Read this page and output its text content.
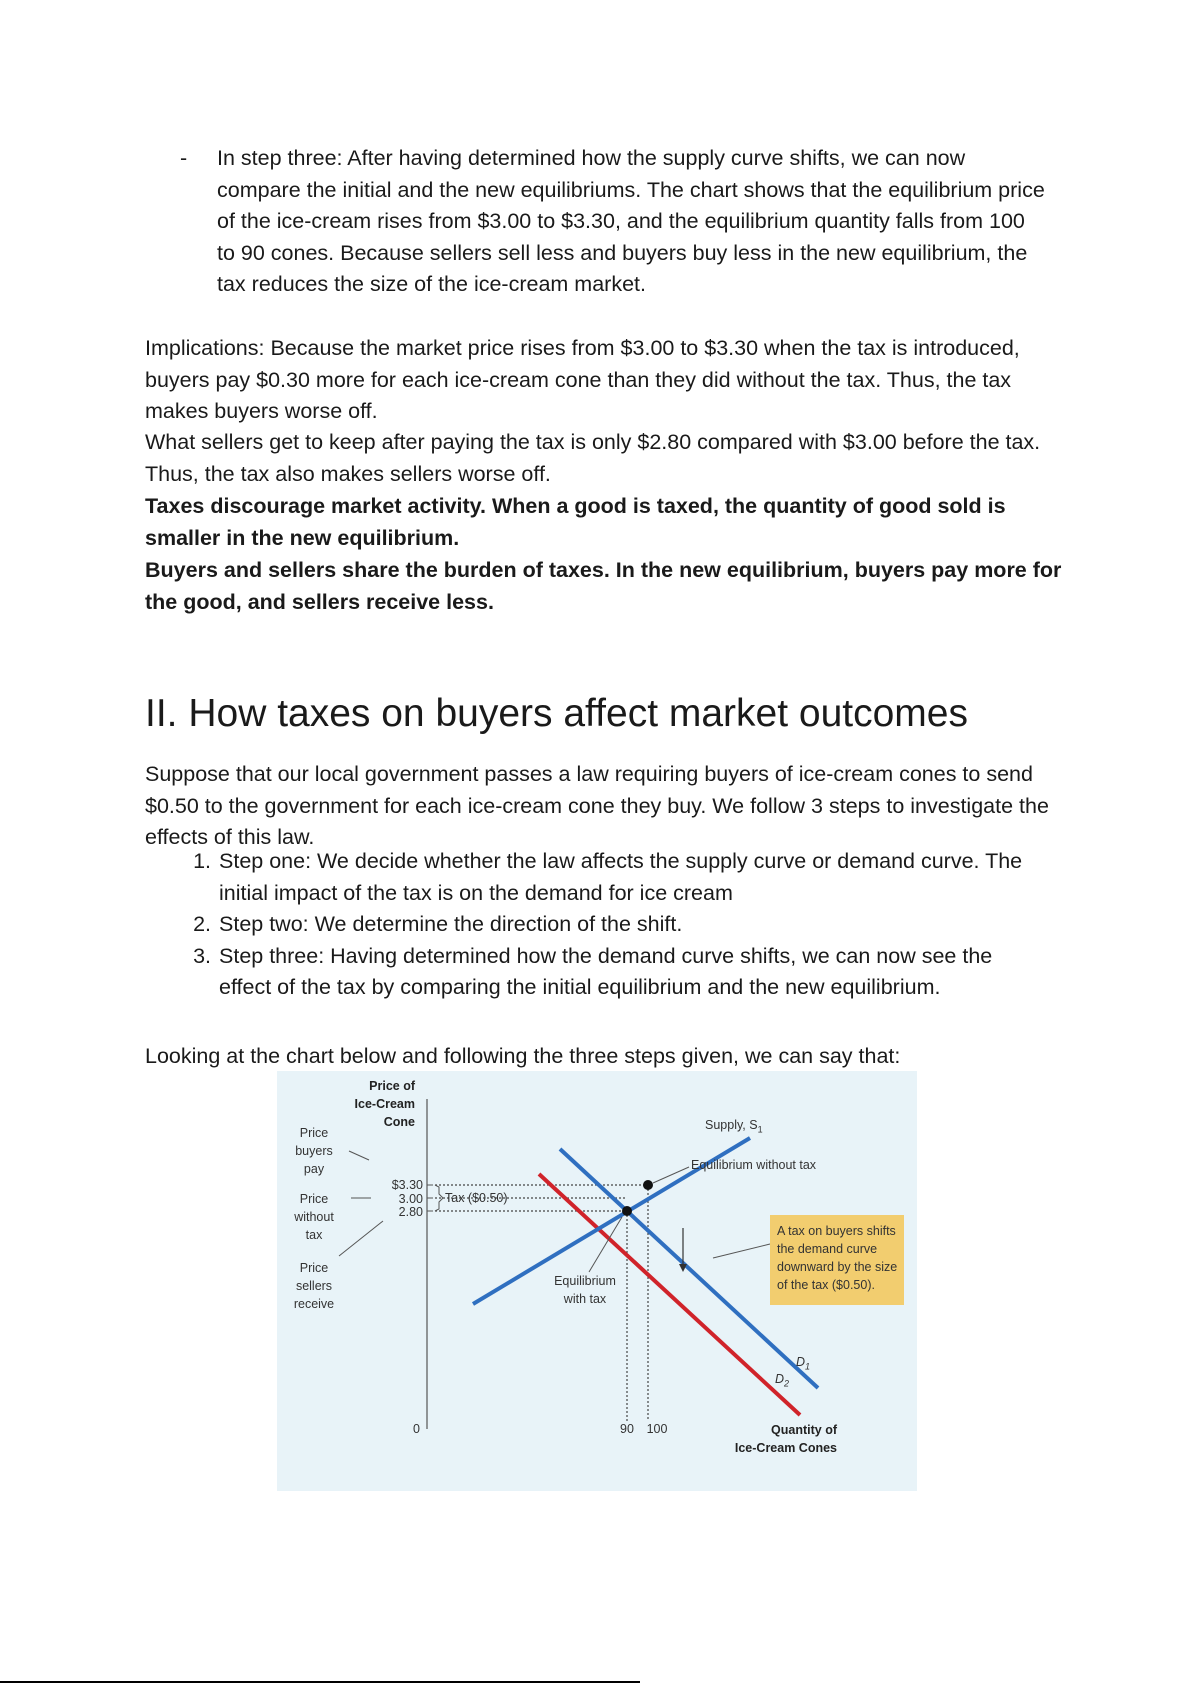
- In step three: After having determined how the supply curve shifts, we can now compare the initial and the new equilibriums. The chart shows that the equilibrium price of the ice-cream rises from $3.00 to $3.30, and the equilibrium quantity falls from 100 to 90 cones. Because sellers sell less and buyers buy less in the new equilibrium, the tax reduces the size of the ice-cream market.

Implications: Because the market price rises from $3.00 to $3.30 when the tax is introduced, buyers pay $0.30 more for each ice-cream cone than they did without the tax. Thus, the tax makes buyers worse off.

What sellers get to keep after paying the tax is only $2.80 compared with $3.00 before the tax. Thus, the tax also makes sellers worse off.

Taxes discourage market activity. When a good is taxed, the quantity of good sold is smaller in the new equilibrium.

Buyers and sellers share the burden of taxes. In the new equilibrium, buyers pay more for the good, and sellers receive less.

II. How taxes on buyers affect market outcomes

Suppose that our local government passes a law requiring buyers of ice-cream cones to send $0.50 to the government for each ice-cream cone they buy. We follow 3 steps to investigate the effects of this law.

1. Step one: We decide whether the law affects the supply curve or demand curve. The initial impact of the tax is on the demand for ice cream
2. Step two: We determine the direction of the shift.
3. Step three: Having determined how the demand curve shifts, we can now see the effect of the tax by comparing the initial equilibrium and the new equilibrium.

Looking at the chart below and following the three steps given, we can say that:

Price of
Ice-Cream
Cone
Quantity of
Ice-Cream Cones
Price
buyers
pay
Price
without
tax
Price
sellers
receive
$3.30
3.00
2.80
0	90	100
Tax ($0.50)
Supply, $S_1$
$D_1$
$D_2$
Equilibrium without tax
Equilibrium
with tax
A tax on buyers shifts
the demand curve
downward by the size
of the tax ($0.50).
